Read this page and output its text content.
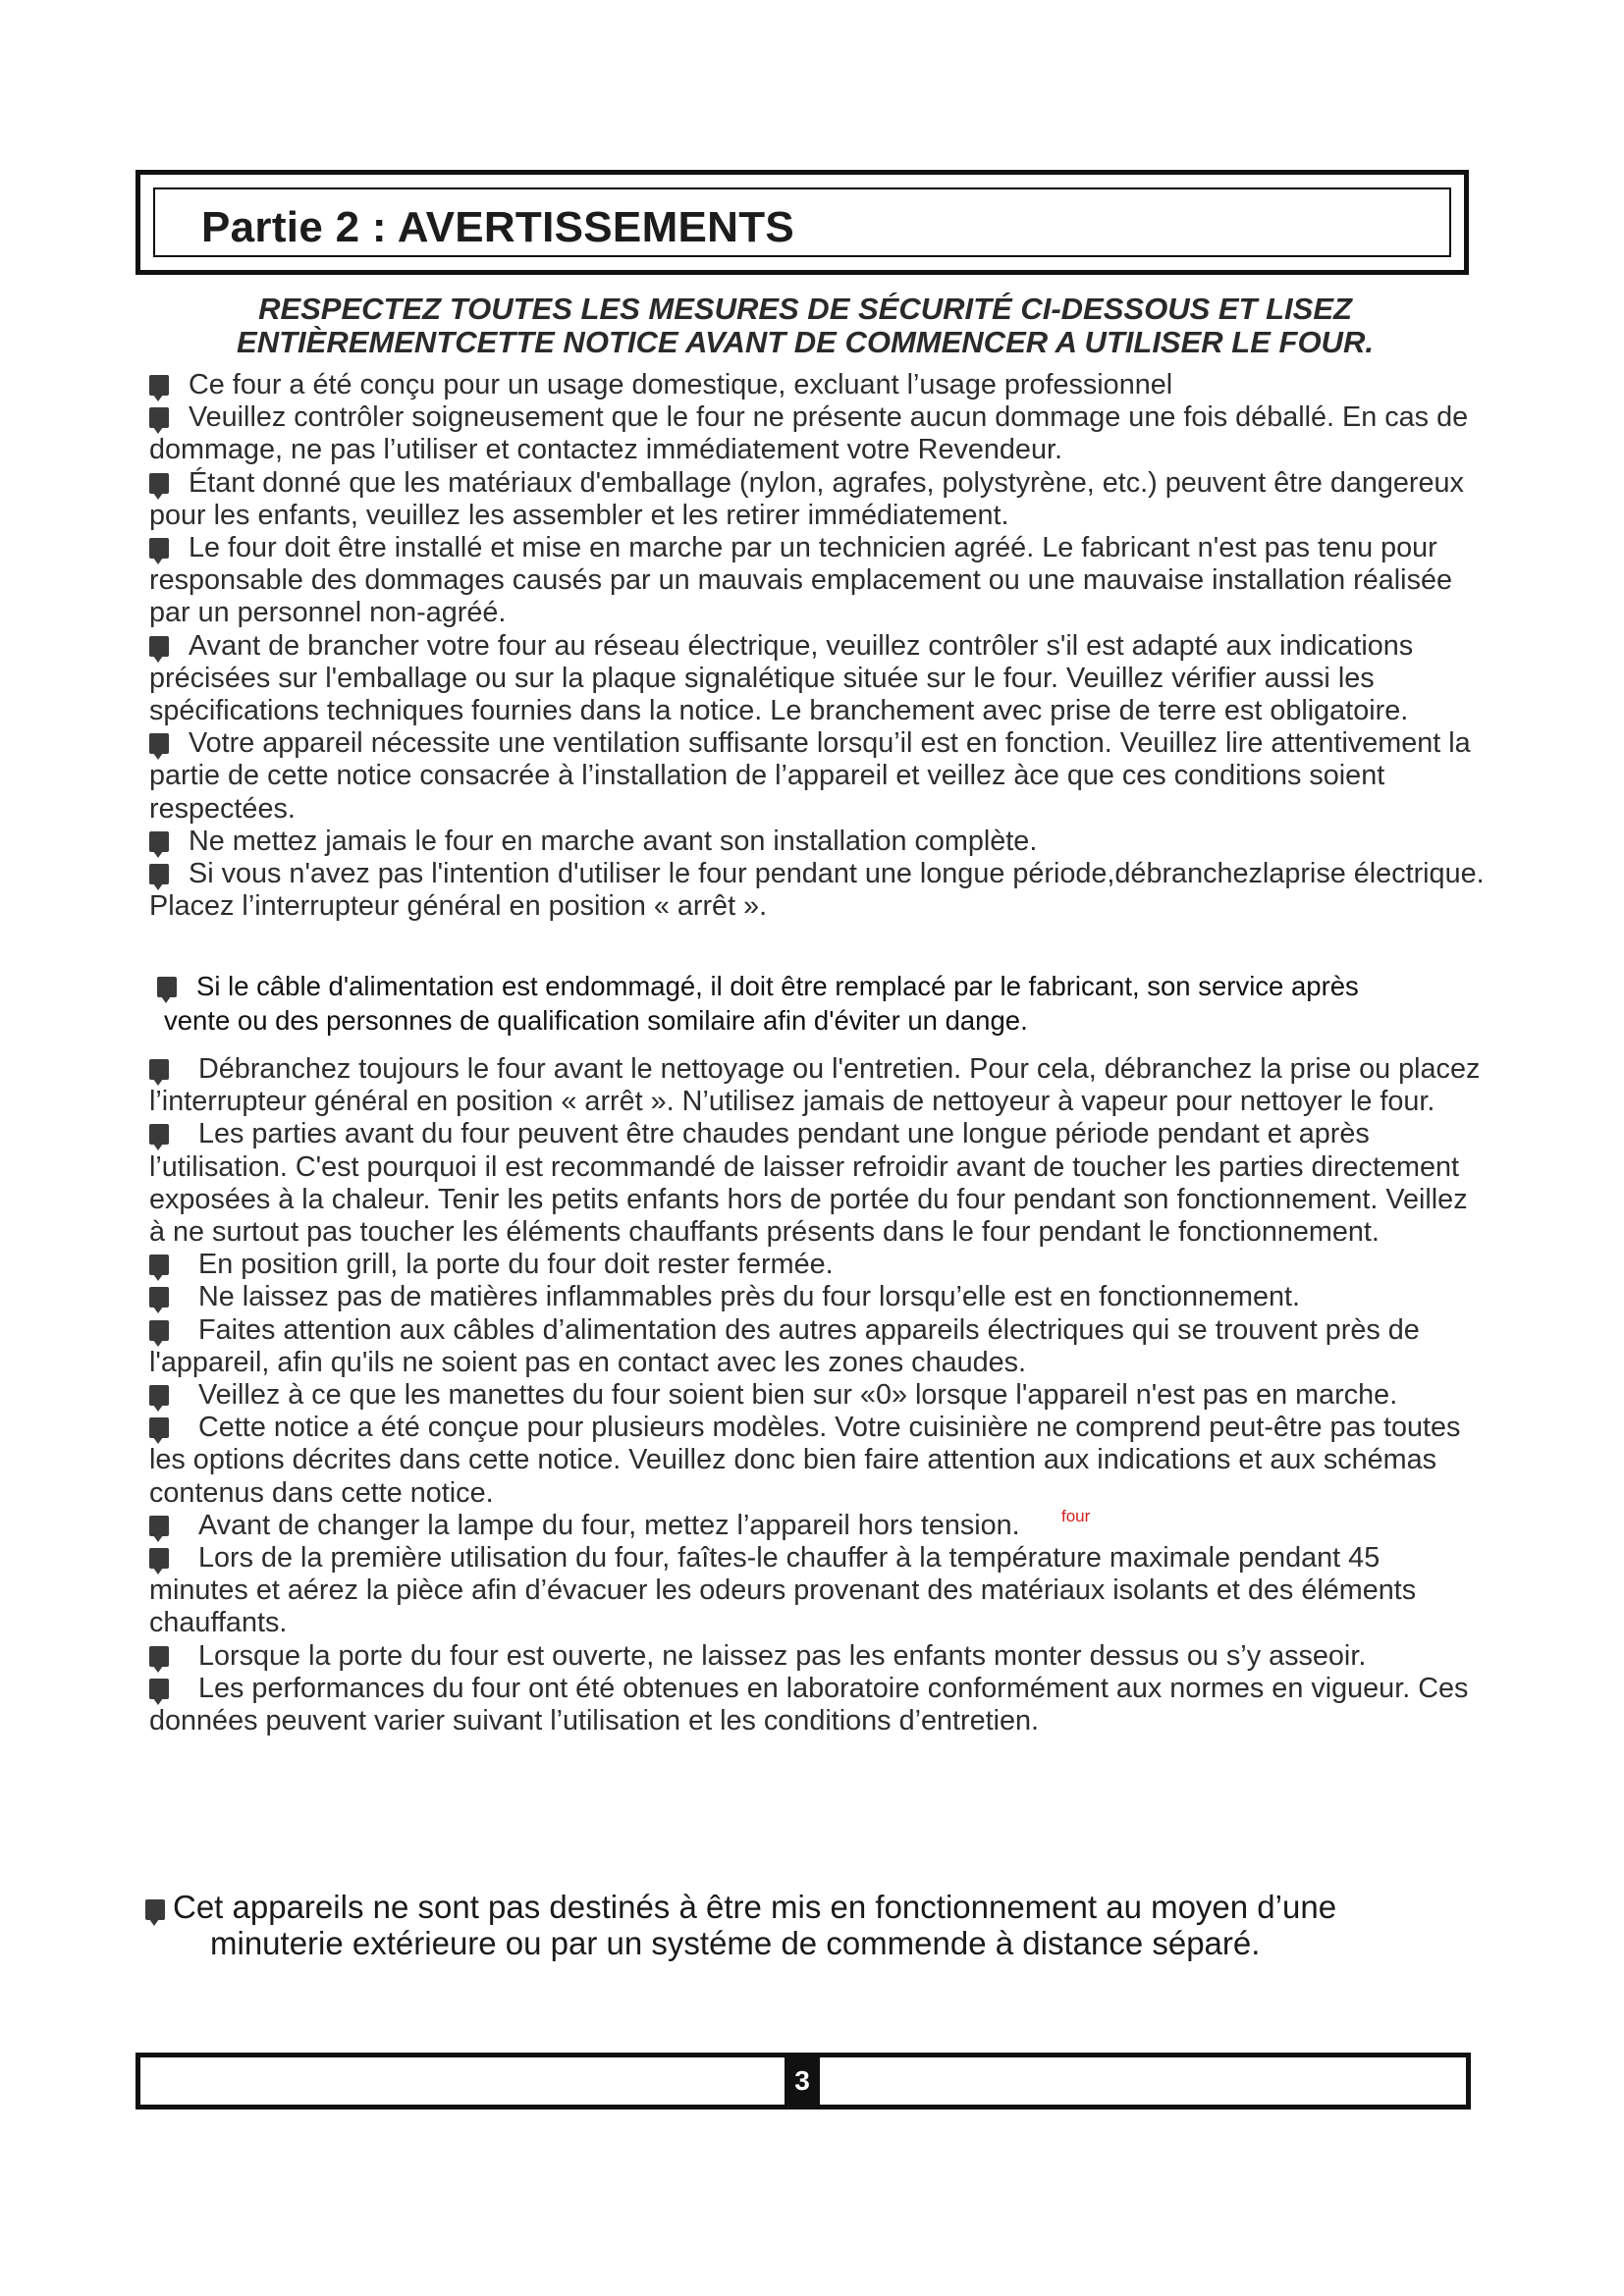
Partie 2 : AVERTISSEMENTS

RESPECTEZ TOUTES LES MESURES DE SÉCURITÉ CI-DESSOUS ET LISEZ ENTIÈREMENTCETTE NOTICE AVANT DE COMMENCER A UTILISER LE FOUR.

Ce four a été conçu pour un usage domestique, excluant l’usage professionnel

Veuillez contrôler soigneusement que le four ne présente aucun dommage une fois déballé. En cas de dommage, ne pas l’utiliser et contactez immédiatement votre Revendeur.

Étant donné que les matériaux d'emballage (nylon, agrafes, polystyrène, etc.) peuvent être dangereux pour les enfants, veuillez les assembler et les retirer immédiatement.

Le four doit être installé et mise en marche par un technicien agréé. Le fabricant n'est pas tenu pour responsable des dommages causés par un mauvais emplacement ou une mauvaise installation réalisée par un personnel non-agréé.

Avant de brancher votre four au réseau électrique, veuillez contrôler s'il est adapté aux indications précisées sur l'emballage ou sur la plaque signalétique située sur le four. Veuillez vérifier aussi les spécifications techniques fournies dans la notice. Le branchement avec prise de terre est obligatoire.

Votre appareil nécessite une ventilation suffisante lorsqu’il est en fonction. Veuillez lire attentivement la partie de cette notice consacrée à l’installation de l’appareil et veillez àce que ces conditions soient respectées.

Ne mettez jamais le four en marche avant son installation complète.

Si vous n'avez pas l'intention d'utiliser le four pendant une longue période,débranchezlaprise électrique. Placez l’interrupteur général en position « arrêt ».

Si le câble d'alimentation est endommagé, il doit être remplacé par le fabricant, son service après
vente ou des personnes de qualification somilaire afin d'éviter un dange.

Débranchez toujours le four avant le nettoyage ou l'entretien. Pour cela, débranchez la prise ou placez l’interrupteur général en position « arrêt ». N’utilisez jamais de nettoyeur à vapeur pour nettoyer le four.

Les parties avant du four peuvent être chaudes pendant une longue période pendant et après l’utilisation. C'est pourquoi il est recommandé de laisser refroidir avant de toucher les parties directement exposées à la chaleur. Tenir les petits enfants hors de portée du four pendant son fonctionnement. Veillez à ne surtout pas toucher les éléments chauffants présents dans le four pendant le fonctionnement.

En position grill, la porte du four doit rester fermée.

Ne laissez pas de matières inflammables près du four lorsqu’elle est en fonctionnement.

Faites attention aux câbles d’alimentation des autres appareils électriques qui se trouvent près de l'appareil, afin qu'ils ne soient pas en contact avec les zones chaudes.

Veillez à ce que les manettes du four soient bien sur «0» lorsque l'appareil n'est pas en marche.

Cette notice a été conçue pour plusieurs modèles. Votre cuisinière ne comprend peut-être pas toutes les options décrites dans cette notice. Veuillez donc bien faire attention aux indications et aux schémas contenus dans cette notice.

Avant de changer la lampe du four, mettez l’appareil hors tension.

Lors de la première utilisation du four, faîtes-le chauffer à la température maximale pendant 45 minutes et aérez la pièce afin d’évacuer les odeurs provenant des matériaux isolants et des éléments chauffants.

Lorsque la porte du four est ouverte, ne laissez pas les enfants monter dessus ou s’y asseoir.

Les performances du four ont été obtenues en laboratoire conformément aux normes en vigueur. Ces données peuvent varier suivant l’utilisation et les conditions d’entretien.

four
Cet appareils ne sont pas destinés à être mis en fonctionnement au moyen d’une
minuterie extérieure ou par un systéme de commende à distance séparé.
3
